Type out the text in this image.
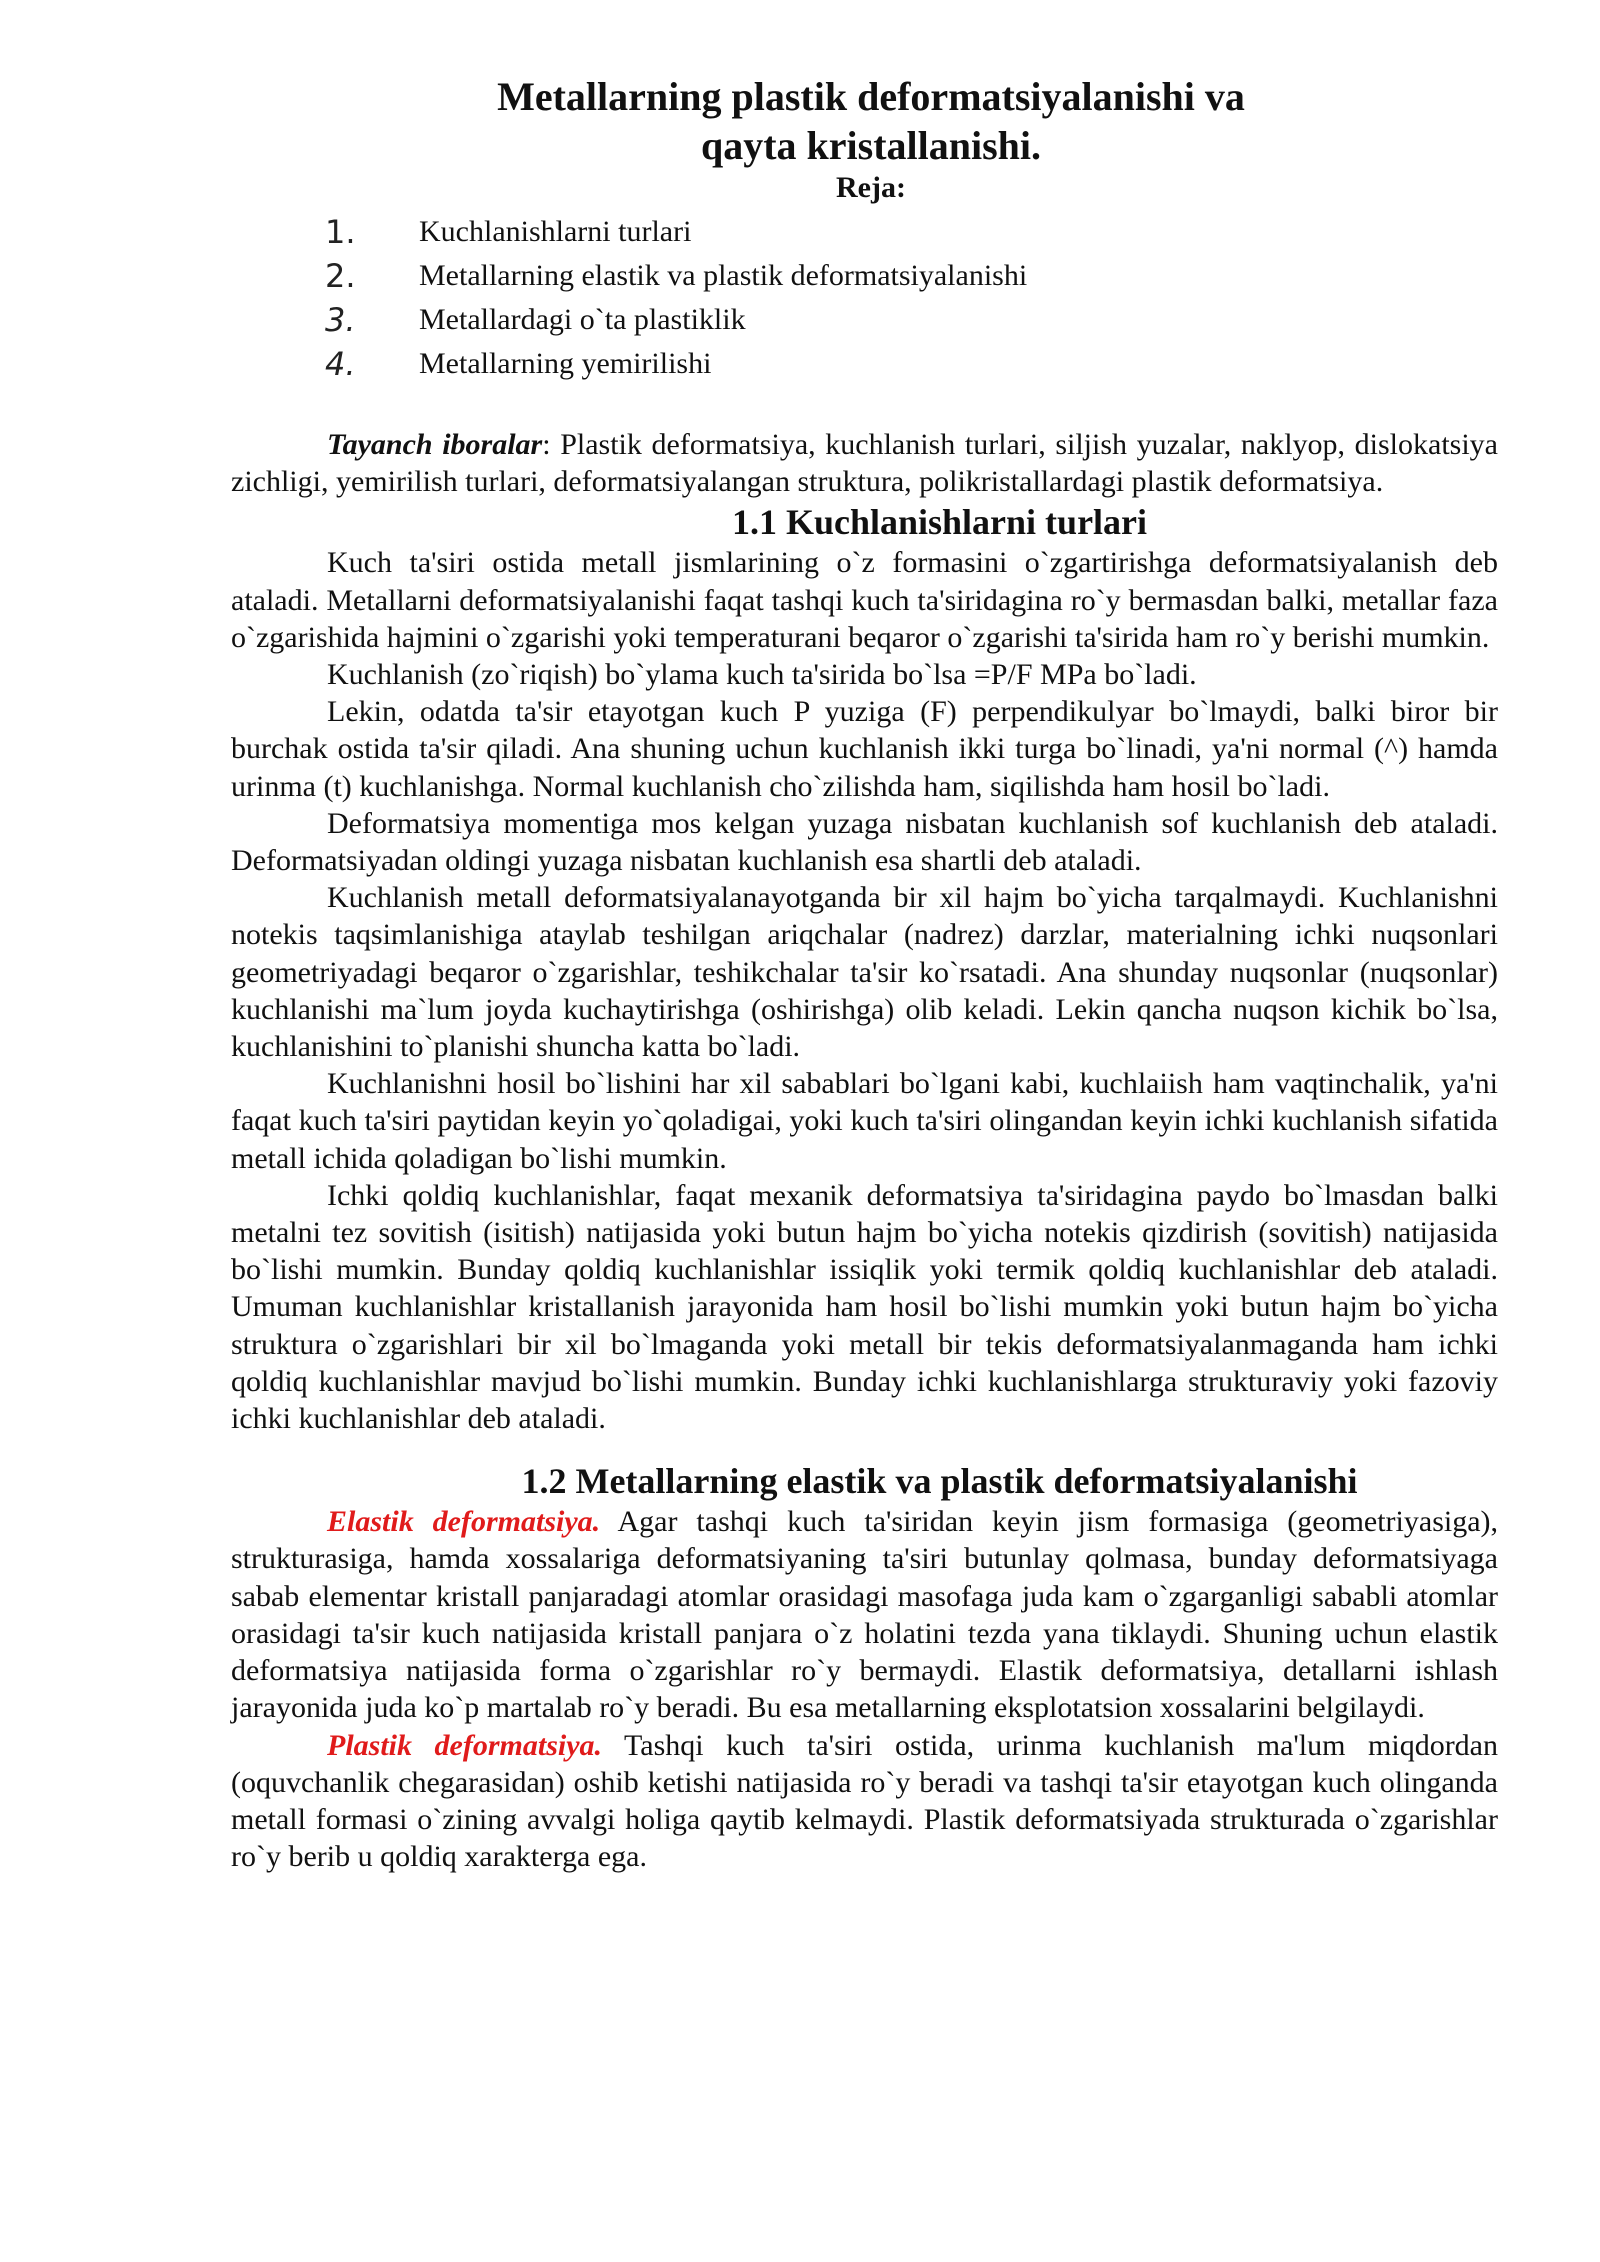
Metallarning plastik deformatsiyalanishi va qayta kristallanishi.
Reja:
1.	Kuchlanishlarni turlari
2.	Metallarning elastik va plastik deformatsiyalanishi
3.	Metallardagi o`ta plastiklik
4.	Metallarning yemirilishi

Tayanch iboralar: Plastik deformatsiya, kuchlanish turlari, siljish yuzalar, naklyop, dislokatsiya zichligi, yemirilish turlari, deformatsiyalangan struktura, polikristallardagi plastik deformatsiya.

1.1 Kuchlanishlarni turlari

Kuch ta'siri ostida metall jismlarining o`z formasini o`zgartirishga deformatsiyalanish deb ataladi. Metallarni deformatsiyalanishi faqat tashqi kuch ta'siridagina ro`y bermasdan balki, metallar faza o`zgarishida hajmini o`zgarishi yoki temperaturani beqaror o`zgarishi ta'sirida ham ro`y berishi mumkin.

Kuchlanish (zo`riqish) bo`ylama kuch ta'sirida bo`lsa =P/F MPa bo`ladi.

Lekin, odatda ta'sir etayotgan kuch P yuziga (F) perpendikulyar bo`lmaydi, balki biror bir burchak ostida ta'sir qiladi. Ana shuning uchun kuchlanish ikki turga bo`linadi, ya'ni normal (^) hamda urinma (t) kuchlanishga. Normal kuchlanish cho`zilishda ham, siqilishda ham hosil bo`ladi.

Deformatsiya momentiga mos kelgan yuzaga nisbatan kuchlanish sof kuchlanish deb ataladi. Deformatsiyadan oldingi yuzaga nisbatan kuchlanish esa shartli deb ataladi.

Kuchlanish metall deformatsiyalanayotganda bir xil hajm bo`yicha tarqalmaydi. Kuchlanishni notekis taqsimlanishiga ataylab teshilgan ariqchalar (nadrez) darzlar, materialning ichki nuqsonlari geometriyadagi beqaror o`zgarishlar, teshikchalar ta'sir ko`rsatadi. Ana shunday nuqsonlar (nuqsonlar) kuchlanishi ma`lum joyda kuchaytirishga (oshirishga) olib keladi. Lekin qancha nuqson kichik bo`lsa, kuchlanishini to`planishi shuncha katta bo`ladi.

Kuchlanishni hosil bo`lishini har xil sabablari bo`lgani kabi, kuchlaiish ham vaqtinchalik, ya'ni faqat kuch ta'siri paytidan keyin yo`qoladigai, yoki kuch ta'siri olingandan keyin ichki kuchlanish sifatida metall ichida qoladigan bo`lishi mumkin.

Ichki qoldiq kuchlanishlar, faqat mexanik deformatsiya ta'siridagina paydo bo`lmasdan balki metalni tez sovitish (isitish) natijasida yoki butun hajm bo`yicha notekis qizdirish (sovitish) natijasida bo`lishi mumkin. Bunday qoldiq kuchlanishlar issiqlik yoki termik qoldiq kuchlanishlar deb ataladi. Umuman kuchlanishlar kristallanish jarayonida ham hosil bo`lishi mumkin yoki butun hajm bo`yicha struktura o`zgarishlari bir xil bo`lmaganda yoki metall bir tekis deformatsiyalanmaganda ham ichki qoldiq kuchlanishlar mavjud bo`lishi mumkin. Bunday ichki kuchlanishlarga strukturaviy yoki fazoviy ichki kuchlanishlar deb ataladi.

1.2 Metallarning elastik va plastik deformatsiyalanishi

Elastik deformatsiya. Agar tashqi kuch ta'siridan keyin jism formasiga (geometriyasiga), strukturasiga, hamda xossalariga deformatsiyaning ta'siri butunlay qolmasa, bunday deformatsiyaga sabab elementar kristall panjaradagi atomlar orasidagi masofaga juda kam o`zgarganligi sababli atomlar orasidagi ta'sir kuch natijasida kristall panjara o`z holatini tezda yana tiklaydi. Shuning uchun elastik deformatsiya natijasida forma o`zgarishlar ro`y bermaydi. Elastik deformatsiya, detallarni ishlash jarayonida juda ko`p martalab ro`y beradi. Bu esa metallarning eksplotatsion xossalarini belgilaydi.

Plastik deformatsiya. Tashqi kuch ta'siri ostida, urinma kuchlanish ma'lum miqdordan (oquvchanlik chegarasidan) oshib ketishi natijasida ro`y beradi va tashqi ta'sir etayotgan kuch olinganda metall formasi o`zining avvalgi holiga qaytib kelmaydi. Plastik deformatsiyada strukturada o`zgarishlar ro`y berib u qoldiq xarakterga ega.
